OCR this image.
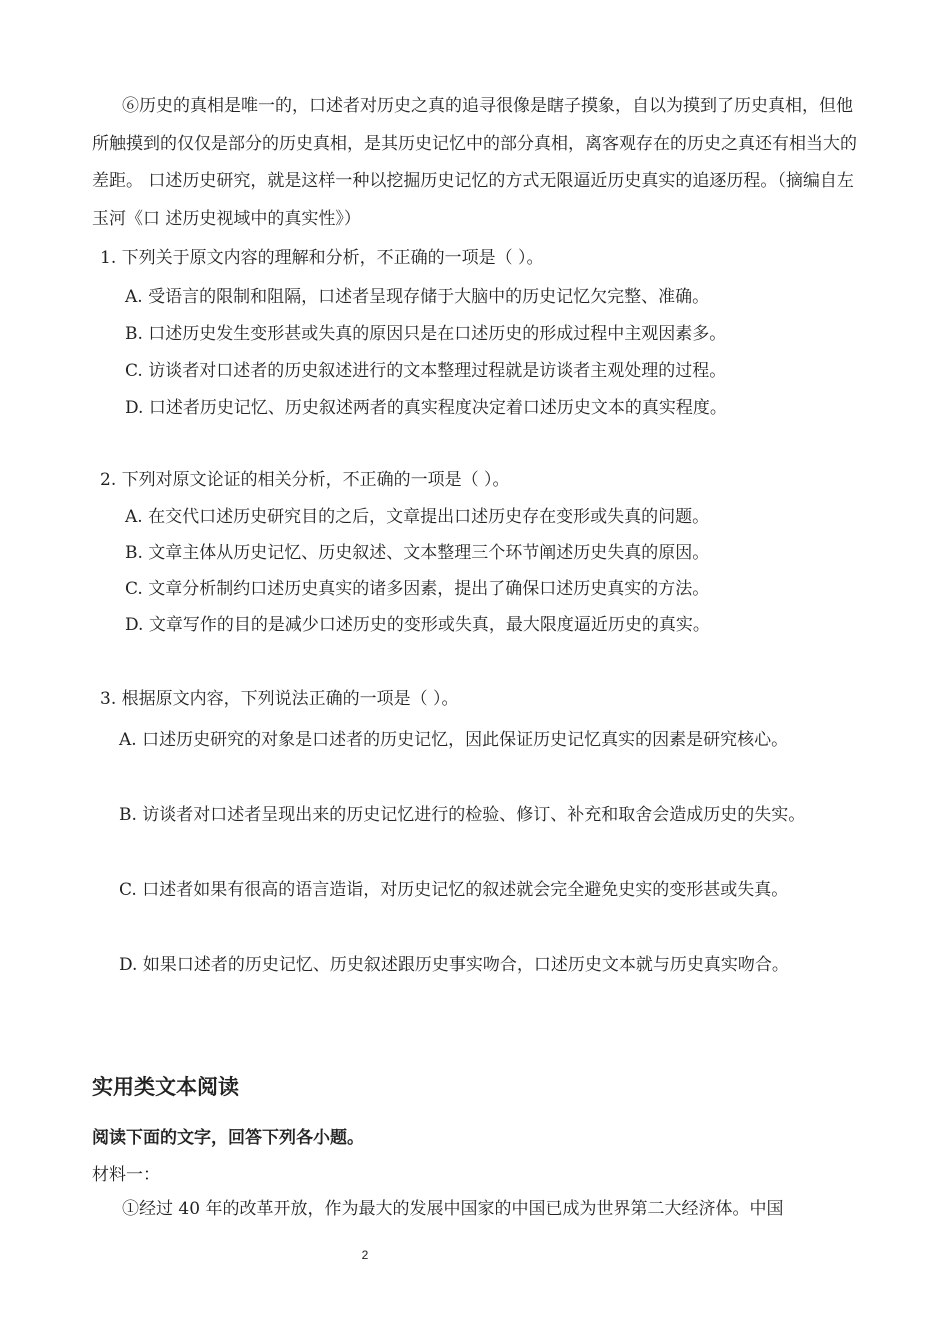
⑥历史的真相是唯一的，口述者对历史之真的追寻很像是瞎子摸象，自以为摸到了历史真相，但他所触摸到的仅仅是部分的历史真相，是其历史记忆中的部分真相，离客观存在的历史之真还有相当大的差距。 口述历史研究，就是这样一种以挖掘历史记忆的方式无限逼近历史真实的追逐历程。（摘编自左玉河《口 述历史视域中的真实性》）

1. 下列关于原文内容的理解和分析，不正确的一项是（ ）。

A. 受语言的限制和阻隔，口述者呈现存储于大脑中的历史记忆欠完整、准确。

B. 口述历史发生变形甚或失真的原因只是在口述历史的形成过程中主观因素多。

C. 访谈者对口述者的历史叙述进行的文本整理过程就是访谈者主观处理的过程。

D. 口述者历史记忆、历史叙述两者的真实程度决定着口述历史文本的真实程度。

2. 下列对原文论证的相关分析，不正确的一项是（ ）。

A. 在交代口述历史研究目的之后，文章提出口述历史存在变形或失真的问题。

B. 文章主体从历史记忆、历史叙述、文本整理三个环节阐述历史失真的原因。

C. 文章分析制约口述历史真实的诸多因素，提出了确保口述历史真实的方法。

D. 文章写作的目的是减少口述历史的变形或失真，最大限度逼近历史的真实。

3. 根据原文内容，下列说法正确的一项是（ ）。

A. 口述历史研究的对象是口述者的历史记忆，因此保证历史记忆真实的因素是研究核心。

B. 访谈者对口述者呈现出来的历史记忆进行的检验、修订、补充和取舍会造成历史的失实。

C. 口述者如果有很高的语言造诣，对历史记忆的叙述就会完全避免史实的变形甚或失真。

D. 如果口述者的历史记忆、历史叙述跟历史事实吻合，口述历史文本就与历史真实吻合。

实用类文本阅读

阅读下面的文字，回答下列各小题。

材料一：

①经过 40 年的改革开放，作为最大的发展中国家的中国已成为世界第二大经济体。中国

2
